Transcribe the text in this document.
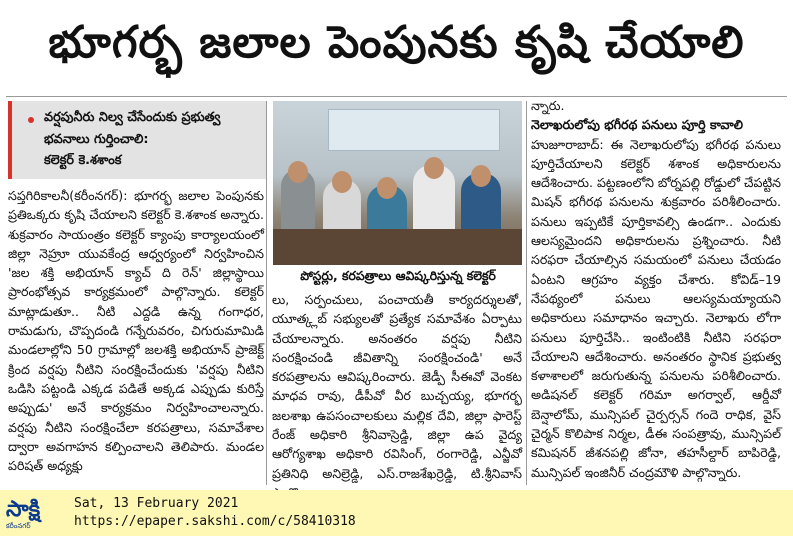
భూగర్భ జలాల పెంపునకు కృషి చేయాలి
వర్షపునీరు నిల్వ చేసేందుకు ప్రభుత్వ భవనాలు గుర్తించాలి:
కలెక్టర్ కె.శశాంక

సప్తగిరికాలనీ(కరీంనగర్): భూగర్భ జలాల పెంపునకు ప్రతిఒక్కరు కృషి చేయాలని కలెక్టర్ కె.శశాంక అన్నారు. శుక్రవారం సాయంత్రం కలెక్టర్ క్యాంపు కార్యాలయంలో జిల్లా నెహ్రూ యువకేంద్ర ఆధ్వర్యంలో నిర్వహించిన 'జల శక్తి అభియాన్ క్యాచ్ ది రెన్' జిల్లాస్థాయి ప్రారంభోత్సవ కార్యక్రమంలో పాల్గొన్నారు. కలెక్టర్ మాట్లాడుతూ.. నీటి ఎద్దడి ఉన్న గంగాధర, రామడుగు, చొప్పదండి గన్నేరువరం, చిగురుమామిడి మండలాల్లోని 50 గ్రామాల్లో జలశక్తి అభియాన్ ప్రాజెక్ట్ క్రింద వర్షపు నీటిని సంరక్షించేందుకు 'వర్షపు నీటిని ఒడిసి పట్టండి ఎక్కడ పడితే అక్కడ ఎప్పుడు కురిస్తే అప్పుడు' అనే కార్యక్రమం నిర్వహించాలన్నారు. వర్షపు నీటిని సంరక్షించేలా కరపత్రాలు, సమావేశాల ద్వారా అవగాహన కల్పించాలని తెలిపారు. మండల పరిషత్ అధ్యక్షు

పోస్టర్లు, కరపత్రాలు ఆవిష్కరిస్తున్న కలెక్టర్

లు, సర్పంచులు, పంచాయతీ కార్యదర్శులతో, యూత్క్లబ్ సభ్యులతో ప్రత్యేక సమావేశం ఏర్పాటు చేయాలన్నారు. అనంతరం వర్షపు నీటిని సంరక్షించండి జీవితాన్ని సంరక్షించండి' అనే కరపత్రాలను ఆవిష్కరించారు. జెడ్పీ సీఈవో వెంకట మాధవ రావు, డీపీవో వీర బుచ్చయ్య, భూగర్భ జలశాఖ ఉపసంచాలకులు మల్లిక దేవి, జిల్లా ఫారెస్ట్ రేంజ్ అధికారి శ్రీనివాస్రెడ్డి, జిల్లా ఉప వైద్య ఆరోగ్యశాఖ అధికారి రవిసింగ్, రంగారెడ్డి, ఎన్జీవో ప్రతినిధి అనిల్రెడ్డి, ఎస్.రాజశేఖర్రెడ్డి, టి.శ్రీనివాస్

న్నారు.

నెలాఖరులోపు భగీరథ పనులు పూర్తి కావాలి

హుజూరాబాద్: ఈ నెలాఖరులోపు భగీరథ పనులు పూర్తిచేయాలని కలెక్టర్ శశాంక అధికారులను ఆదేశించారు. పట్టణంలోని బోర్నపల్లి రోడ్డులో చేపట్టిన మిషన్ భగీరథ పనులను శుక్రవారం పరిశీలించారు. పనులు ఇప్పటికే పూర్తికావల్సి ఉండగా.. ఎందుకు ఆలస్యమైందని అధికారులను ప్రశ్నించారు. నీటి సరఫరా చేయాల్సిన సమయంలో పనులు చేయడం ఏంటని ఆగ్రహం వ్యక్తం చేశారు. కోవిడ్–19 నేపథ్యంలో పనులు ఆలస్యమయ్యాయని అధికారులు సమాధానం ఇచ్చారు. నెలాఖరు లోగా పనులు పూర్తిచేసి.. ఇంటింటికి నీటిని సరఫరా చేయాలని ఆదేశించారు. అనంతరం స్థానిక ప్రభుత్వ కళాశాలలో జరుగుతున్న పనులను పరిశీలించారు. అడిషనల్ కలెక్టర్ గరిమా అగర్వాల్, ఆర్డీవో బెన్షాలోమ్, మున్సిపల్ చైర్పర్సన్ గందె రాధిక, వైస్ చైర్మన్ కొలిపాక నిర్మల, డీఈ సంపత్రావు, మున్సిపల్ కమిషనర్ జీశనపల్లి జోనా, తహసీల్దార్ బాపిరెడ్డి, మున్సిపల్ ఇంజినీర్ చంద్రమౌళి పాల్గొన్నారు.

సాక్షి
కరీంనగర్
Sat, 13 February 2021
https://epaper.sakshi.com/c/58410318
